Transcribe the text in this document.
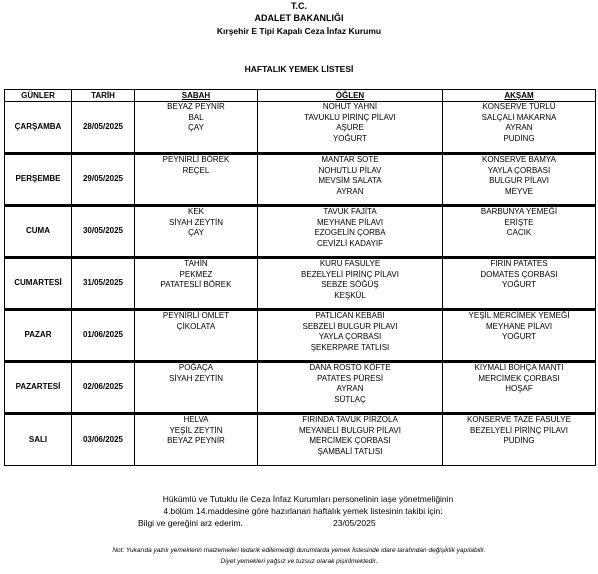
T.C.
ADALET BAKANLIĞI
Kırşehir E Tipi Kapalı Ceza İnfaz Kurumu
HAFTALIK YEMEK LİSTESİ
GÜNLER	TARİH	SABAH	ÖĞLEN	AKŞAM
ÇARŞAMBA	28/05/2025	BEYAZ PEYNİR
BAL
ÇAY	NOHUT YAHNİ
TAVUKLU PİRİNÇ PİLAVI
AŞURE
YOĞURT	KONSERVE TÜRLÜ
SALÇALI MAKARNA
AYRAN
PUDİNG

PERŞEMBE	29/05/2025	PEYNİRLİ BÖREK
REÇEL	MANTAR SOTE
NOHUTLU PİLAV
MEVSİM SALATA
AYRAN	KONSERVE BAMYA
YAYLA ÇORBASI
BULGUR PİLAVI
MEYVE

CUMA	30/05/2025	KEK
SİYAH ZEYTİN
ÇAY	TAVUK FAJİTA
MEYHANE PİLAVI
EZOGELİN ÇORBA
CEVİZLİ KADAYIF	BARBUNYA YEMEĞİ
ERİŞTE
CACIK

CUMARTESİ	31/05/2025	TAHİN
PEKMEZ
PATATESLİ BÖREK	KURU FASULYE
BEZELYELİ PİRİNÇ PİLAVI
SEBZE SÖĞÜŞ
KEŞKÜL	FIRIN PATATES
DOMATES ÇORBASI
YOĞURT

PAZAR	01/06/2025	PEYNİRLİ OMLET
ÇİKOLATA	PATLICAN KEBABI
SEBZELİ BULGUR PİLAVI
YAYLA ÇORBASI
ŞEKERPARE TATLISI	YEŞİL MERCİMEK YEMEĞİ
MEYHANE PİLAVI
YOĞURT

PAZARTESİ	02/06/2025	POĞAÇA
SİYAH ZEYTİN	DANA ROSTO KÖFTE
PATATES PÜRESİ
AYRAN
SÜTLAÇ	KIYMALI BOHÇA MANTI
MERCİMEK ÇORBASI
HOŞAF

SALI	03/06/2025	HELVA
YEŞİL ZEYTİN
BEYAZ PEYNİR	FIRINDA TAVUK PİRZOLA
MEYANELİ BULGUR PİLAVI
MERCİMEK ÇORBASI
ŞAMBALİ TATLISI	KONSERVE TAZE FASULYE
BEZELYELİ PİRİNÇ PİLAVI
PUDİNG
Hükümlü ve Tutuklu ile Ceza İnfaz Kurumları personelinin iaşe yönetmeliğinin
4.bölüm 14.maddesine göre hazırlanan haftalık yemek listesinin takibi için:
Bilgi ve gereğini arz ederim.	23/05/2025
Not: Yukarıda yazılı yemeklerin malzemeleri tedarik edilemediği durumlarda yemek listesinde idare tarafından değişiklik yapılabilir.
Diyet yemekleri yağsız ve tuzsuz olarak pişirilmektedir.
